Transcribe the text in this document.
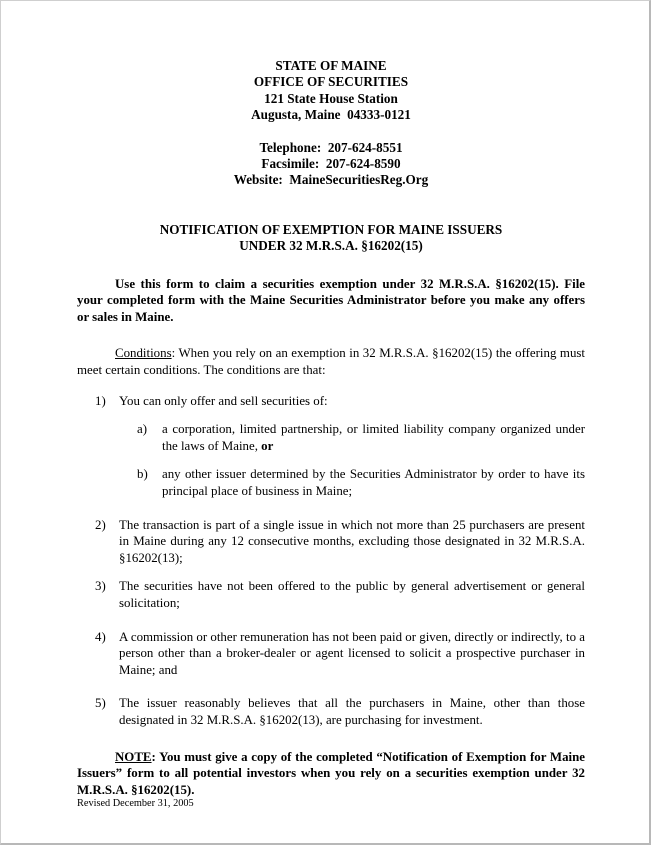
STATE OF MAINE
OFFICE OF SECURITIES
121 State House Station
Augusta, Maine  04333-0121
Telephone:  207-624-8551
Facsimile:  207-624-8590
Website:  MaineSecuritiesReg.Org
NOTIFICATION OF EXEMPTION FOR MAINE ISSUERS
UNDER 32 M.R.S.A. §16202(15)
Use this form to claim a securities exemption under 32 M.R.S.A. §16202(15). File your completed form with the Maine Securities Administrator before you make any offers or sales in Maine.
Conditions: When you rely on an exemption in 32 M.R.S.A. §16202(15) the offering must meet certain conditions. The conditions are that:
1)	You can only offer and sell securities of:
a)	a corporation, limited partnership, or limited liability company organized under the laws of Maine, or
b)	any other issuer determined by the Securities Administrator by order to have its principal place of business in Maine;
2)	The transaction is part of a single issue in which not more than 25 purchasers are present in Maine during any 12 consecutive months, excluding those designated in 32 M.R.S.A. §16202(13);
3)	The securities have not been offered to the public by general advertisement or general solicitation;
4)	A commission or other remuneration has not been paid or given, directly or indirectly, to a person other than a broker-dealer or agent licensed to solicit a prospective purchaser in Maine; and
5)	The issuer reasonably believes that all the purchasers in Maine, other than those designated in 32 M.R.S.A. §16202(13), are purchasing for investment.
NOTE: You must give a copy of the completed “Notification of Exemption for Maine Issuers” form to all potential investors when you rely on a securities exemption under 32 M.R.S.A. §16202(15).
Revised December 31, 2005
